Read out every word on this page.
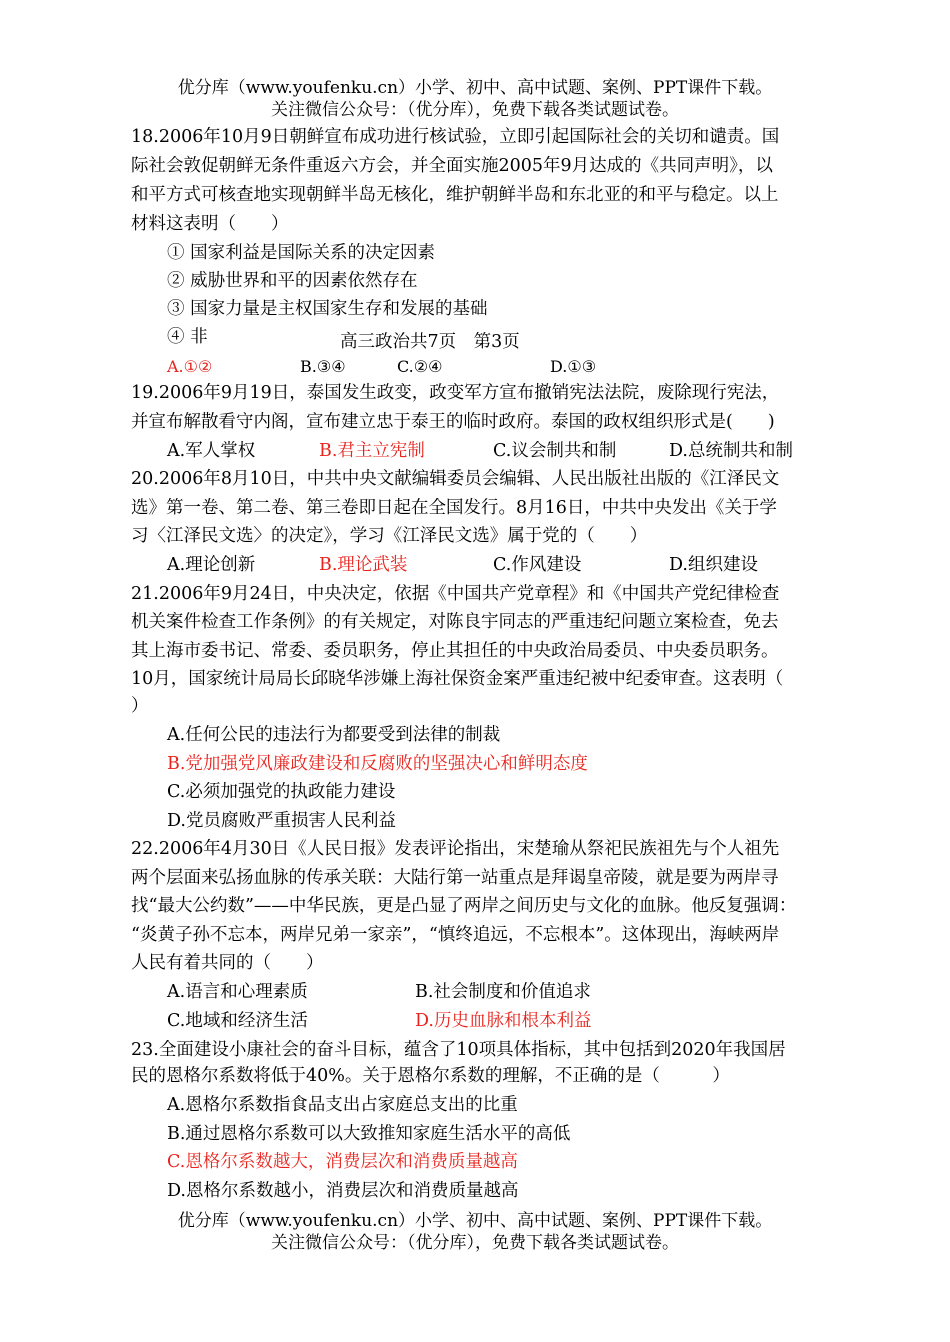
优分库（www.youfenku.cn）小学、初中、高中试题、案例、PPT课件下载。
关注微信公众号：（优分库），免费下载各类试题试卷。
18.2006年10月9日朝鲜宣布成功进行核试验，立即引起国际社会的关切和谴责。国
际社会敦促朝鲜无条件重返六方会，并全面实施2005年9月达成的《共同声明》，以
和平方式可核查地实现朝鲜半岛无核化，维护朝鲜半岛和东北亚的和平与稳定。以上
材料这表明（　　）
① 国家利益是国际关系的决定因素
② 威胁世界和平的因素依然存在
③ 国家力量是主权国家生存和发展的基础
④ 非	高三政治共7页　第3页
A.①②	B.③④	C.②④	D.①③
19.2006年9月19日，泰国发生政变，政变军方宣布撤销宪法法院，废除现行宪法，
并宣布解散看守内阁，宣布建立忠于泰王的临时政府。泰国的政权组织形式是(　　)
A.军人掌权	B.君主立宪制	C.议会制共和制	D.总统制共和制
20.2006年8月10日，中共中央文献编辑委员会编辑、人民出版社出版的《江泽民文
选》第一卷、第二卷、第三卷即日起在全国发行。8月16日，中共中央发出《关于学
习〈江泽民文选〉的决定》，学习《江泽民文选》属于党的（　　）
A.理论创新	B.理论武装	C.作风建设	D.组织建设
21.2006年9月24日，中央决定，依据《中国共产党章程》和《中国共产党纪律检查
机关案件检查工作条例》的有关规定，对陈良宇同志的严重违纪问题立案检查，免去
其上海市委书记、常委、委员职务，停止其担任的中央政治局委员、中央委员职务。
10月，国家统计局局长邱晓华涉嫌上海社保资金案严重违纪被中纪委审查。这表明（
）
A.任何公民的违法行为都要受到法律的制裁
B.党加强党风廉政建设和反腐败的坚强决心和鲜明态度
C.必须加强党的执政能力建设
D.党员腐败严重损害人民利益
22.2006年4月30日《人民日报》发表评论指出，宋楚瑜从祭祀民族祖先与个人祖先
两个层面来弘扬血脉的传承关联：大陆行第一站重点是拜谒皇帝陵，就是要为两岸寻
找“最大公约数”——中华民族，更是凸显了两岸之间历史与文化的血脉。他反复强调：
“炎黄子孙不忘本，两岸兄弟一家亲”，“慎终追远，不忘根本”。这体现出，海峡两岸
人民有着共同的（　　）
A.语言和心理素质	B.社会制度和价值追求
C.地域和经济生活	D.历史血脉和根本利益
23.全面建设小康社会的奋斗目标，蕴含了10项具体指标，其中包括到2020年我国居
民的恩格尔系数将低于40%。关于恩格尔系数的理解，不正确的是（　　　）
A.恩格尔系数指食品支出占家庭总支出的比重
B.通过恩格尔系数可以大致推知家庭生活水平的高低
C.恩格尔系数越大，消费层次和消费质量越高
D.恩格尔系数越小，消费层次和消费质量越高
优分库（www.youfenku.cn）小学、初中、高中试题、案例、PPT课件下载。
关注微信公众号：（优分库），免费下载各类试题试卷。
